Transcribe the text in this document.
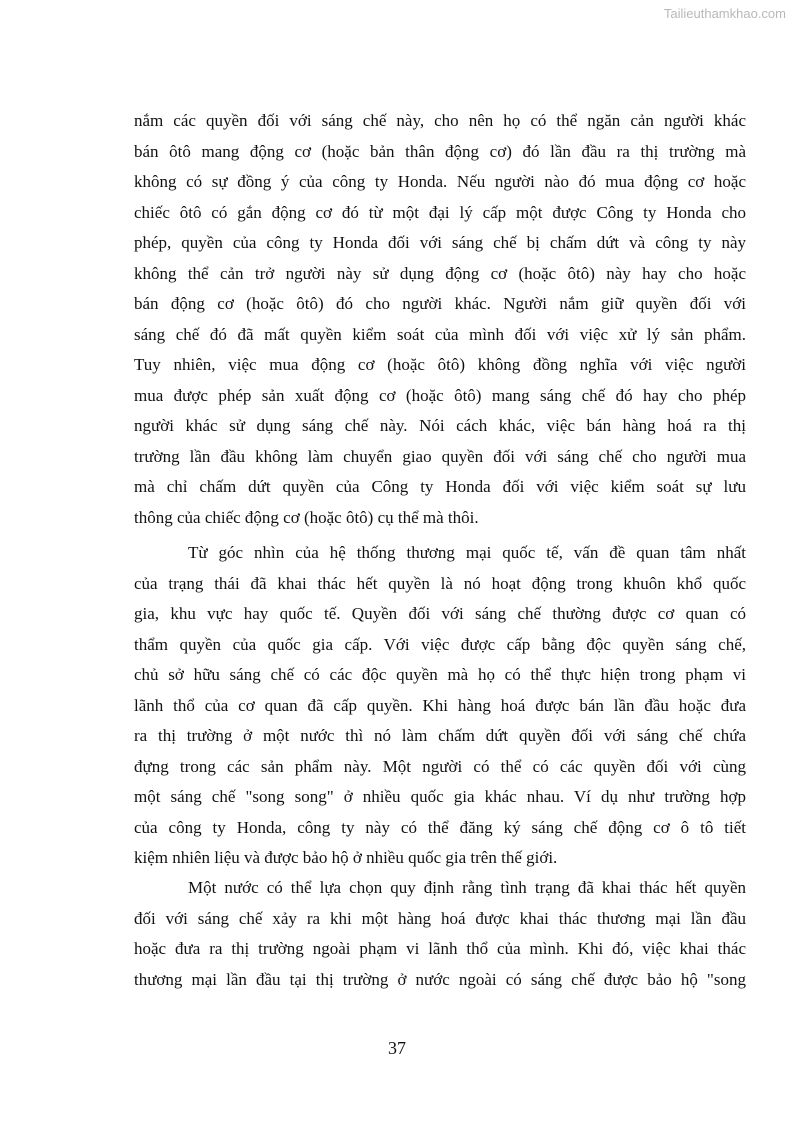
Tailieuthamkhao.com
nắm các quyền đối với sáng chế này, cho nên họ có thể ngăn cản người khác
bán ôtô mang động cơ (hoặc bản thân động cơ) đó lần đầu ra thị trường mà
không có sự đồng ý của công ty Honda. Nếu người nào đó mua động cơ hoặc
chiếc ôtô có gắn động cơ đó từ một đại lý cấp một được Công ty Honda cho
phép, quyền của công ty Honda đối với sáng chế bị chấm dứt và công ty này
không thể cản trở người này sử dụng động cơ (hoặc ôtô) này hay cho hoặc
bán động cơ (hoặc ôtô) đó cho người khác. Người nắm giữ quyền đối với
sáng chế đó đã mất quyền kiểm soát của mình đối với việc xử lý sản phẩm.
Tuy nhiên, việc mua động cơ (hoặc ôtô) không đồng nghĩa với việc người
mua được phép sản xuất động cơ (hoặc ôtô) mang sáng chế đó hay cho phép
người khác sử dụng sáng chế này. Nói cách khác, việc bán hàng hoá ra thị
trường lần đầu không làm chuyển giao quyền đối với sáng chế cho người mua
mà chỉ chấm dứt quyền của Công ty Honda đối với việc kiểm soát sự lưu
thông của chiếc động cơ (hoặc ôtô) cụ thể mà thôi.
Từ góc nhìn của hệ thống thương mại quốc tế, vấn đề quan tâm nhất
của trạng thái đã khai thác hết quyền là nó hoạt động trong khuôn khổ quốc
gia, khu vực hay quốc tế. Quyền đối với sáng chế thường được cơ quan có
thẩm quyền của quốc gia cấp. Với việc được cấp bằng độc quyền sáng chế,
chủ sở hữu sáng chế có các độc quyền mà họ có thể thực hiện trong phạm vi
lãnh thổ của cơ quan đã cấp quyền. Khi hàng hoá được bán lần đầu hoặc đưa
ra thị trường ở một nước thì nó làm chấm dứt quyền đối với sáng chế chứa
đựng trong các sản phẩm này. Một người có thể có các quyền đối với cùng
một sáng chế "song song" ở nhiều quốc gia khác nhau. Ví dụ như trường hợp
của công ty Honda, công ty này có thể đăng ký sáng chế động cơ ô tô tiết
kiệm nhiên liệu và được bảo hộ ở nhiều quốc gia trên thế giới.
Một nước có thể lựa chọn quy định rằng tình trạng đã khai thác hết quyền
đối với sáng chế xảy ra khi một hàng hoá được khai thác thương mại lần đầu
hoặc đưa ra thị trường ngoài phạm vi lãnh thổ của mình. Khi đó, việc khai thác
thương mại lần đầu tại thị trường ở nước ngoài có sáng chế được bảo hộ "song
37
